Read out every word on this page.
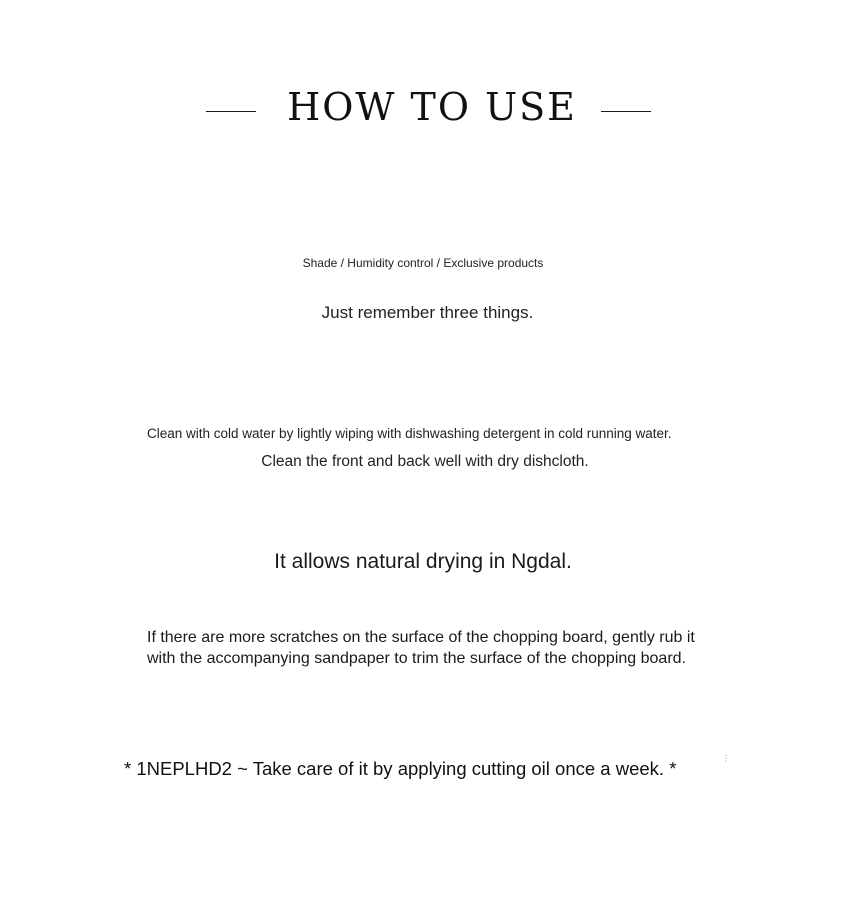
HOW TO USE
Shade / Humidity control / Exclusive products
Just remember three things.
Clean with cold water by lightly wiping with dishwashing detergent in cold running water.
Clean the front and back well with dry dishcloth.
It allows natural drying in Ngdal.
If there are more scratches on the surface of the chopping board, gently rub it
with the accompanying sandpaper to trim the surface of the chopping board.
* 1NEPLHD2 ~ Take care of it by applying cutting oil once a week. *	⋮
